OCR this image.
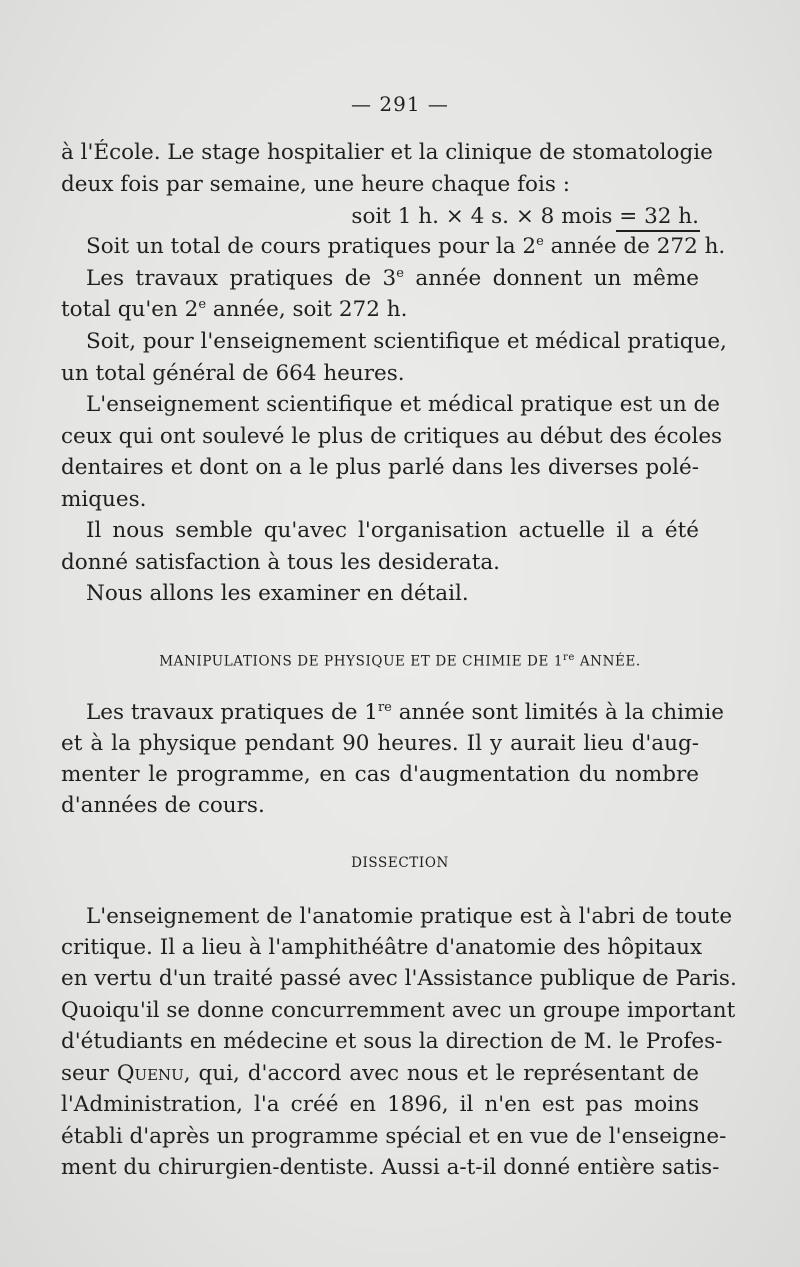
— 291 —
à l'École. Le stage hospitalier et la clinique de stomatologie
deux fois par semaine, une heure chaque fois :
soit 1 h. × 4 s. × 8 mois = 32 h.
Soit un total de cours pratiques pour la 2e année de 272 h.
Les travaux pratiques de 3e année donnent un même
total qu'en 2e année, soit 272 h.
Soit, pour l'enseignement scientifique et médical pratique,
un total général de 664 heures.
L'enseignement scientifique et médical pratique est un de
ceux qui ont soulevé le plus de critiques au début des écoles
dentaires et dont on a le plus parlé dans les diverses polé-
miques.
Il nous semble qu'avec l'organisation actuelle il a été
donné satisfaction à tous les desiderata.
Nous allons les examiner en détail.
MANIPULATIONS DE PHYSIQUE ET DE CHIMIE DE 1re ANNÉE.
Les travaux pratiques de 1re année sont limités à la chimie
et à la physique pendant 90 heures. Il y aurait lieu d'aug-
menter le programme, en cas d'augmentation du nombre
d'années de cours.
DISSECTION
L'enseignement de l'anatomie pratique est à l'abri de toute
critique. Il a lieu à l'amphithéâtre d'anatomie des hôpitaux
en vertu d'un traité passé avec l'Assistance publique de Paris.
Quoiqu'il se donne concurremment avec un groupe important
d'étudiants en médecine et sous la direction de M. le Profes-
seur Quenu, qui, d'accord avec nous et le représentant de
l'Administration, l'a créé en 1896, il n'en est pas moins
établi d'après un programme spécial et en vue de l'enseigne-
ment du chirurgien-dentiste. Aussi a-t-il donné entière satis-
